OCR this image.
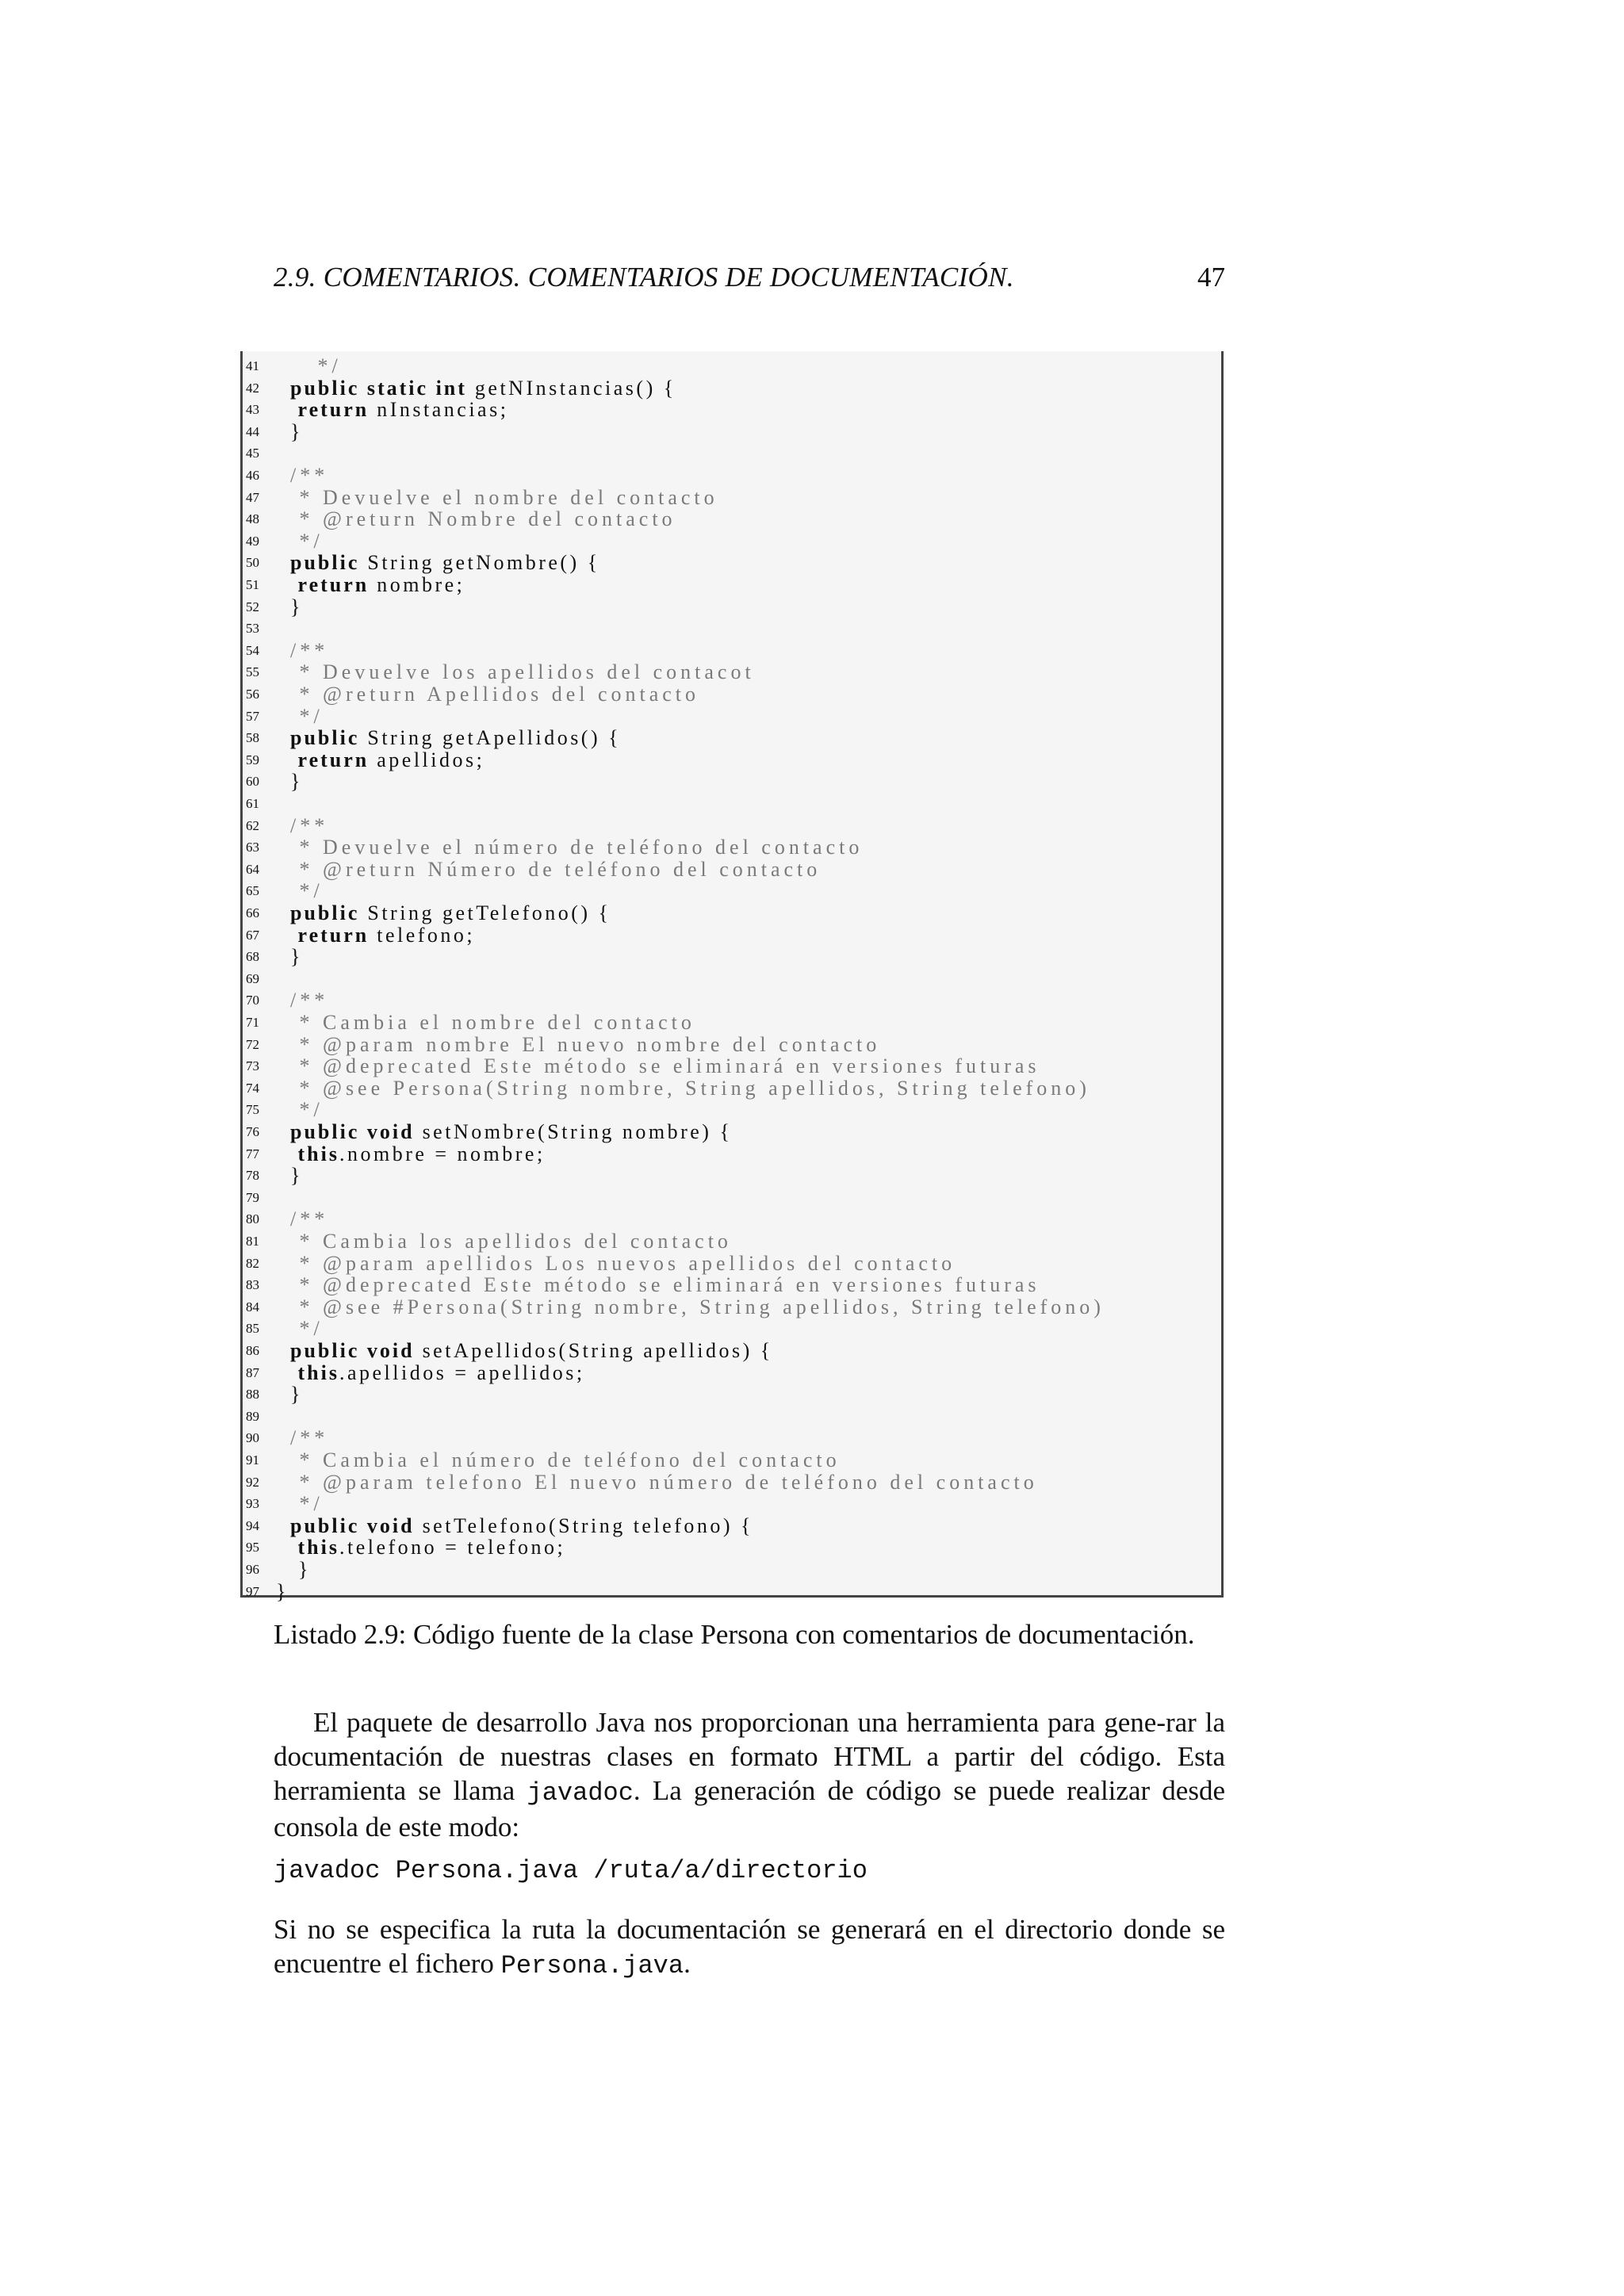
2.9. COMENTARIOS. COMENTARIOS DE DOCUMENTACIÓN.	47
41 */
42 public static int getNInstancias() {
43 return nInstancias;
44 }
45
46 /**
47 * Devuelve el nombre del contacto
48 * @return Nombre del contacto
49 */
50 public String getNombre() {
51 return nombre;
52 }
53
54 /**
55 * Devuelve los apellidos del contacot
56 * @return Apellidos del contacto
57 */
58 public String getApellidos() {
59 return apellidos;
60 }
61
62 /**
63 * Devuelve el número de teléfono del contacto
64 * @return Número de teléfono del contacto
65 */
66 public String getTelefono() {
67 return telefono;
68 }
69
70 /**
71 * Cambia el nombre del contacto
72 * @param nombre El nuevo nombre del contacto
73 * @deprecated Este método se eliminará en versiones futuras
74 * @see Persona(String nombre, String apellidos, String telefono)
75 */
76 public void setNombre(String nombre) {
77 this.nombre = nombre;
78 }
79
80 /**
81 * Cambia los apellidos del contacto
82 * @param apellidos Los nuevos apellidos del contacto
83 * @deprecated Este método se eliminará en versiones futuras
84 * @see #Persona(String nombre, String apellidos, String telefono)
85 */
86 public void setApellidos(String apellidos) {
87 this.apellidos = apellidos;
88 }
89
90 /**
91 * Cambia el número de teléfono del contacto
92 * @param telefono El nuevo número de teléfono del contacto
93 */
94 public void setTelefono(String telefono) {
95 this.telefono = telefono;
96 }
97 }
Listado 2.9: Código fuente de la clase Persona con comentarios de documentación.
El paquete de desarrollo Java nos proporcionan una herramienta para gene-rar la documentación de nuestras clases en formato HTML a partir del código. Esta herramienta se llama javadoc. La generación de código se puede realizar desde consola de este modo:
javadoc Persona.java /ruta/a/directorio
Si no se especifica la ruta la documentación se generará en el directorio donde se encuentre el fichero Persona.java.
